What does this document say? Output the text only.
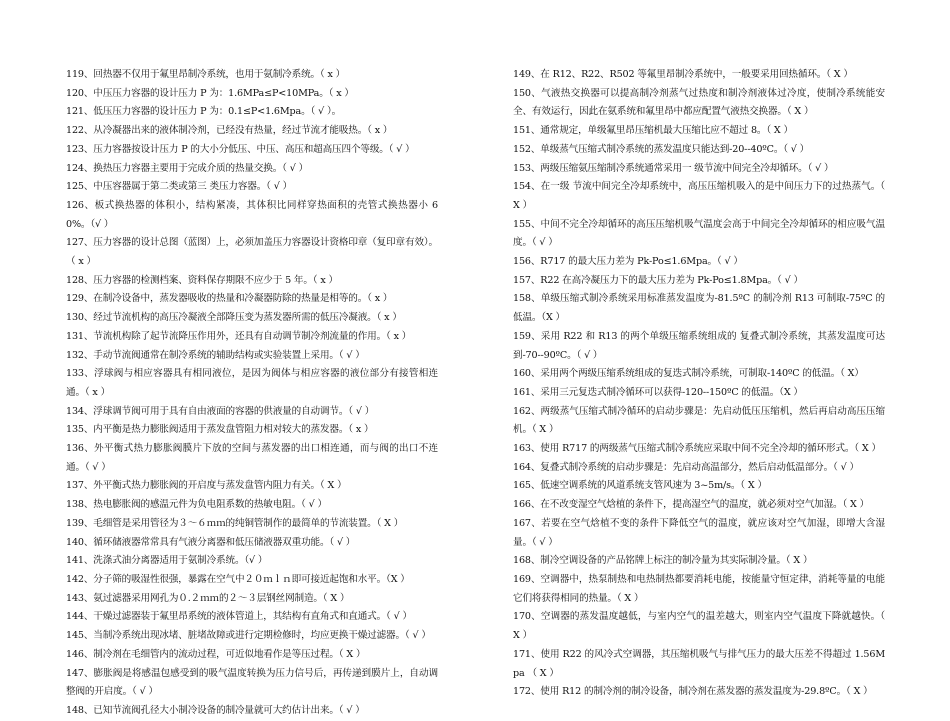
119、回热器不仅用于氟里昂制冷系统，也用于氨制冷系统。（ x ）

120、中压压力容器的设计压力 P 为：1.6MPa≤P<10MPa。（ x ）

121、低压压力容器的设计压力 P 为：0.1≤P<1.6Mpa。（ √ ）。

122、从冷凝器出来的液体制冷剂，已经没有热量，经过节流才能吸热。（ x ）

123、压力容器按设计压力 P 的大小分低压、中压、高压和超高压四个等级。（ √ ）

124、换热压力容器主要用于完成介质的热量交换。（ √ ）

125、中压容器属于第二类或第三 类压力容器。（ √ ）

126、板式换热器的体积小，结构紧凑，其体积比同样穿热面积的壳管式换热器小 60%。（√ ）

127、压力容器的设计总图（蓝图）上，必须加盖压力容器设计资格印章（复印章有效）。（ x ）

128、压力容器的检测档案、资料保存期限不应少于 5 年。（ x ）

129、在制冷设备中，蒸发器吸收的热量和冷凝器防除的热量是相等的。（ x ）

130、经过节流机构的高压冷凝液全部降压变为蒸发器所需的低压冷凝液。（ x ）

131、节流机构除了起节流降压作用外，还具有自动调节制冷剂流量的作用。（ x ）

132、手动节流阀通常在制冷系统的辅助结构或实验装置上采用。（ √ ）

133、浮球阀与相应容器具有相同液位，是因为阀体与相应容器的液位部分有接管相连通。（ x ）

134、浮球调节阀可用于具有自由液面的容器的供液量的自动调节。（ √ ）

135、内平衡是热力膨胀阀适用于蒸发盘管阻力相对较大的蒸发器。（ x ）

136、外平衡式热力膨胀阀膜片下放的空间与蒸发器的出口相连通，而与阀的出口不连通。（ √ ）

137、外平衡式热力膨胀阀的开启度与蒸发盘管内阻力有关。（ X ）

138、热电膨胀阀的感温元件为负电阻系数的热敏电阻。（ √ ）

139、毛细管是采用管径为３～６ｍｍ的纯铜管制作的最简单的节流装置。（ X ）

140、循环储液器常常具有气液分离器和低压储液器双重功能。（ √ ）

141、洗涤式油分离器适用于氨制冷系统。（√ ）

142、分子筛的吸湿性很强，暴露在空气中２０ｍｌｎ即可接近起饱和水平。（X ）

143、氨过滤器采用网孔为０.２ｍｍ的２～３层钢丝网制造。（ X ）

144、干燥过滤器装于氟里昂系统的液体管道上，其结构有直角式和直通式。（ √ ）

145、当制冷系统出现冰堵、脏堵故障或进行定期检修时，均应更换干燥过滤器。（ √ ）

146、制冷剂在毛细管内的流动过程，可近似地看作是等压过程。（ X ）

147、膨胀阀是将感温包感受到的吸气温度转换为压力信号后，再传递到膜片上，自动调整阀的开启度。（ √ ）

148、已知节流阀孔径大小制冷设备的制冷量就可大约估计出来。（ √ ）

149、在 R12、R22、R502 等氟里昂制冷系统中，一般要采用回热循环。（ X ）

150、气液热交换器可以提高制冷剂蒸气过热度和制冷剂液体过冷度，使制冷系统能安全、有效运行，因此在氨系统和氟里昂中都应配置气液热交换器。（ X ）

151、通常规定，单级氟里昂压缩机最大压缩比应不超过 8。（ X ）

152、单级蒸气压缩式制冷系统的蒸发温度只能达到-20--40ºC。（ √ ）

153、两级压缩氨压缩制冷系统通常采用一 级节流中间完全冷却循环。（ √ ）

154、在一级 节流中间完全冷却系统中，高压压缩机吸入的是中间压力下的过热蒸气。（ X ）

155、中间不完全冷却循环的高压压缩机吸气温度会高于中间完全冷却循环的相应吸气温度。（ √ ）

156、R717 的最大压力差为 Pk-Po≤1.6Mpa。（ √ ）

157、R22 在高冷凝压力下的最大压力差为 Pk-Po≤1.8Mpa。（ √ ）

158、单级压缩式制冷系统采用标准蒸发温度为-81.5ºC 的制冷剂 R13 可制取-75ºC 的低温。（X ）

159、采用 R22 和 R13 的两个单级压缩系统组成的 复叠式制冷系统，其蒸发温度可达到-70--90ºC。（ √ ）

160、采用两个两级压缩系统组成的复迭式制冷系统，可制取-140ºC 的低温。（ X）

161、采用三元复迭式制冷循环可以获得-120--150ºC 的低温。（X ）

162、两级蒸气压缩式制冷循环的启动步骤是：先启动低压压缩机，然后再启动高压压缩机。（ X ）

163、使用 R717 的两级蒸气压缩式制冷系统应采取中间不完全冷却的循环形式。（ X ）

164、复叠式制冷系统的启动步骤是：先启动高温部分，然后启动低温部分。（ √ ）

165、低速空调系统的风道系统支管风速为 3~5m/s。（ X ）

166、在不改变湿空气焓植的条件下，提高湿空气的温度，就必须对空气加湿。（ X ）

167、若要在空气焓植不变的条件下降低空气的温度，就应该对空气加湿，即增大含湿量。（ √ ）

168、制冷空调设备的产品铭牌上标注的制冷量为其实际制冷量。（ X ）

169、空调器中，热泵制热和电热制热都要消耗电能，按能量守恒定律，消耗等量的电能它们将获得相同的热量。（ X ）

170、空调器的蒸发温度越低，与室内空气的温差越大，则室内空气温度下降就越快。（ X ）

171、使用 R22 的风冷式空调器，其压缩机吸气与排气压力的最大压差不得超过 1.56Mpa （ X ）

172、使用 R12 的制冷剂的制冷设备，制冷剂在蒸发器的蒸发温度为-29.8ºC。（ X ）
